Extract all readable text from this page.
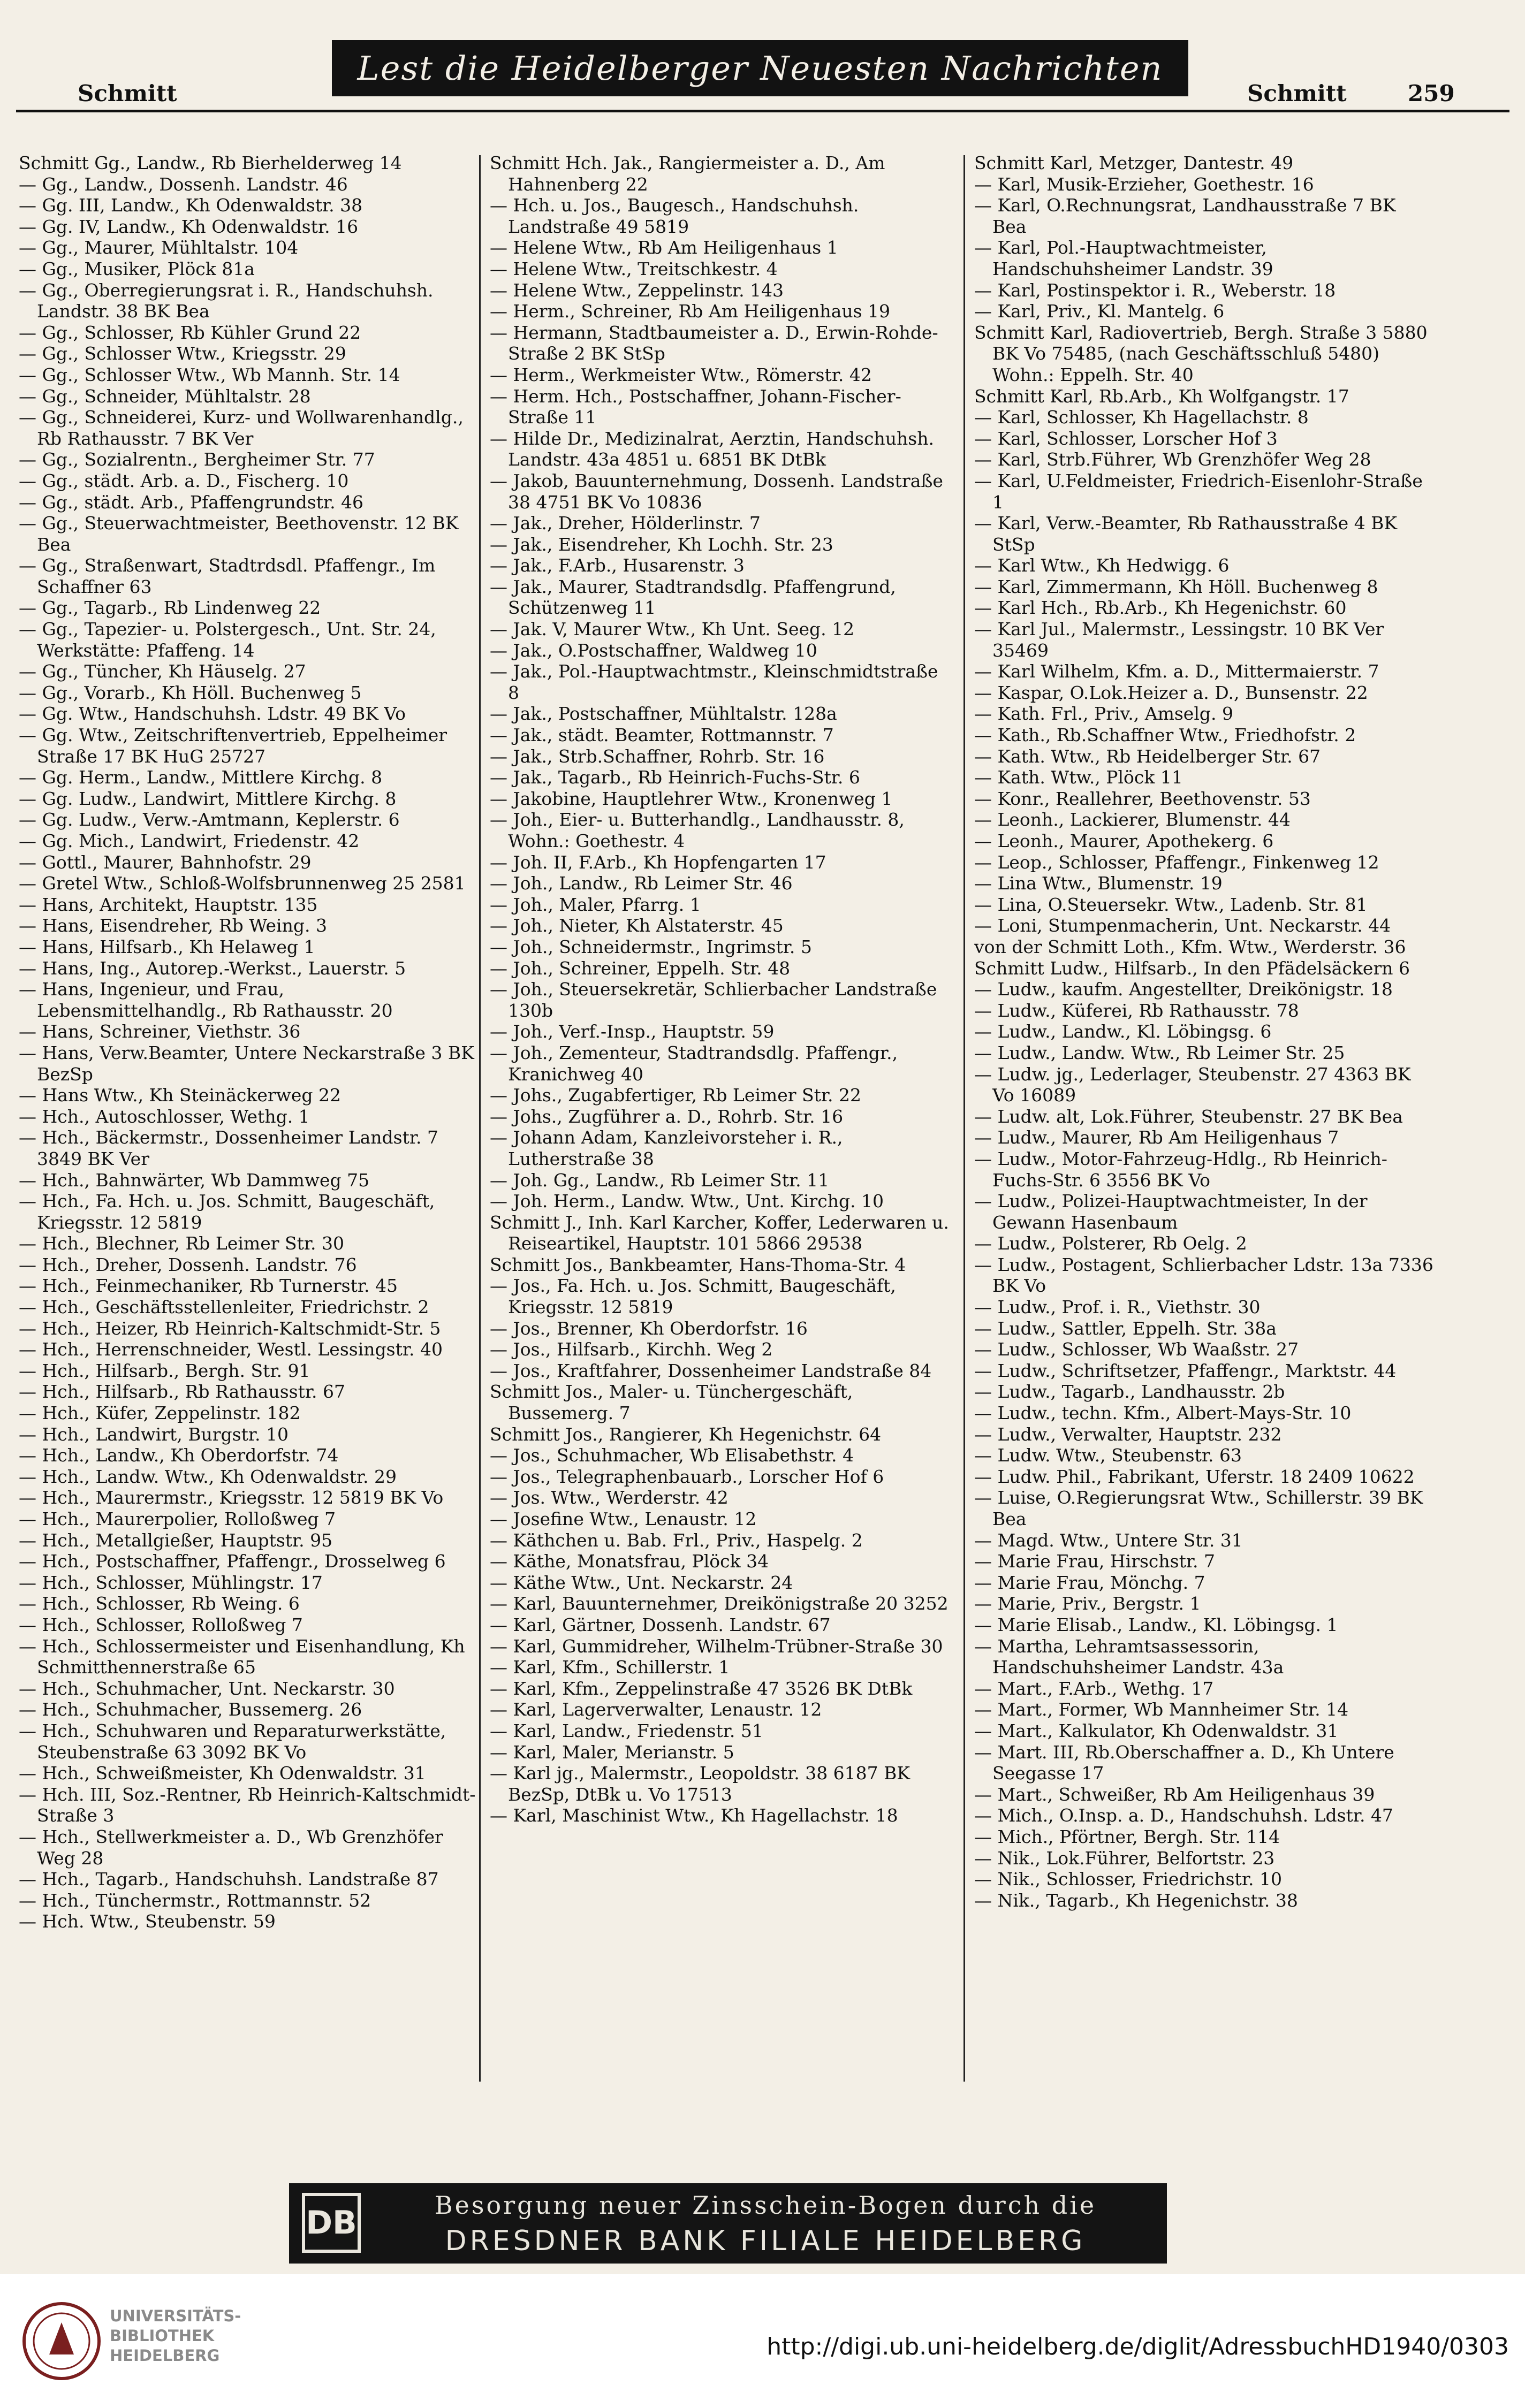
Lest die Heidelberger Neuesten Nachrichten
Schmitt	Schmitt	259

Schmitt Gg., Landw., Rb Bierhelderweg 14

— Gg., Landw., Dossenh. Landstr. 46

— Gg. III, Landw., Kh Odenwaldstr. 38

— Gg. IV, Landw., Kh Odenwaldstr. 16

— Gg., Maurer, Mühltalstr. 104

— Gg., Musiker, Plöck 81a

— Gg., Oberregierungsrat i. R., Handschuhsh. Landstr. 38 BK Bea

— Gg., Schlosser, Rb Kühler Grund 22

— Gg., Schlosser Wtw., Kriegsstr. 29

— Gg., Schlosser Wtw., Wb Mannh. Str. 14

— Gg., Schneider, Mühltalstr. 28

— Gg., Schneiderei, Kurz- und Wollwarenhandlg., Rb Rathausstr. 7 BK Ver

— Gg., Sozialrentn., Bergheimer Str. 77

— Gg., städt. Arb. a. D., Fischerg. 10

— Gg., städt. Arb., Pfaffengrundstr. 46

— Gg., Steuerwachtmeister, Beethovenstr. 12 BK Bea

— Gg., Straßenwart, Stadtrdsdl. Pfaffengr., Im Schaffner 63

— Gg., Tagarb., Rb Lindenweg 22

— Gg., Tapezier- u. Polstergesch., Unt. Str. 24, Werkstätte: Pfaffeng. 14

— Gg., Tüncher, Kh Häuselg. 27

— Gg., Vorarb., Kh Höll. Buchenweg 5

— Gg. Wtw., Handschuhsh. Ldstr. 49 BK Vo

— Gg. Wtw., Zeitschriftenvertrieb, Eppelheimer Straße 17 BK HuG 25727

— Gg. Herm., Landw., Mittlere Kirchg. 8

— Gg. Ludw., Landwirt, Mittlere Kirchg. 8

— Gg. Ludw., Verw.-Amtmann, Keplerstr. 6

— Gg. Mich., Landwirt, Friedenstr. 42

— Gottl., Maurer, Bahnhofstr. 29

— Gretel Wtw., Schloß-Wolfsbrunnenweg 25 2581

— Hans, Architekt, Hauptstr. 135

— Hans, Eisendreher, Rb Weing. 3

— Hans, Hilfsarb., Kh Helaweg 1

— Hans, Ing., Autorep.-Werkst., Lauerstr. 5

— Hans, Ingenieur, und Frau, Lebensmittelhandlg., Rb Rathausstr. 20

— Hans, Schreiner, Viethstr. 36

— Hans, Verw.Beamter, Untere Neckarstraße 3 BK BezSp

— Hans Wtw., Kh Steinäckerweg 22

— Hch., Autoschlosser, Wethg. 1

— Hch., Bäckermstr., Dossenheimer Landstr. 7 3849 BK Ver

— Hch., Bahnwärter, Wb Dammweg 75

— Hch., Fa. Hch. u. Jos. Schmitt, Baugeschäft, Kriegsstr. 12 5819

— Hch., Blechner, Rb Leimer Str. 30

— Hch., Dreher, Dossenh. Landstr. 76

— Hch., Feinmechaniker, Rb Turnerstr. 45

— Hch., Geschäftsstellenleiter, Friedrichstr. 2

— Hch., Heizer, Rb Heinrich-Kaltschmidt-Str. 5

— Hch., Herrenschneider, Westl. Lessingstr. 40

— Hch., Hilfsarb., Bergh. Str. 91

— Hch., Hilfsarb., Rb Rathausstr. 67

— Hch., Küfer, Zeppelinstr. 182

— Hch., Landwirt, Burgstr. 10

— Hch., Landw., Kh Oberdorfstr. 74

— Hch., Landw. Wtw., Kh Odenwaldstr. 29

— Hch., Maurermstr., Kriegsstr. 12 5819 BK Vo

— Hch., Maurerpolier, Rolloßweg 7

— Hch., Metallgießer, Hauptstr. 95

— Hch., Postschaffner, Pfaffengr., Drosselweg 6

— Hch., Schlosser, Mühlingstr. 17

— Hch., Schlosser, Rb Weing. 6

— Hch., Schlosser, Rolloßweg 7

— Hch., Schlossermeister und Eisenhandlung, Kh Schmitthennerstraße 65

— Hch., Schuhmacher, Unt. Neckarstr. 30

— Hch., Schuhmacher, Bussemerg. 26

— Hch., Schuhwaren und Reparaturwerkstätte, Steubenstraße 63 3092 BK Vo

— Hch., Schweißmeister, Kh Odenwaldstr. 31

— Hch. III, Soz.-Rentner, Rb Heinrich-Kaltschmidt-Straße 3

— Hch., Stellwerkmeister a. D., Wb Grenzhöfer Weg 28

— Hch., Tagarb., Handschuhsh. Landstraße 87

— Hch., Tünchermstr., Rottmannstr. 52

— Hch. Wtw., Steubenstr. 59

Schmitt Hch. Jak., Rangiermeister a. D., Am Hahnenberg 22

— Hch. u. Jos., Baugesch., Handschuhsh. Landstraße 49 5819

— Helene Wtw., Rb Am Heiligenhaus 1

— Helene Wtw., Treitschkestr. 4

— Helene Wtw., Zeppelinstr. 143

— Herm., Schreiner, Rb Am Heiligenhaus 19

— Hermann, Stadtbaumeister a. D., Erwin-Rohde-Straße 2 BK StSp

— Herm., Werkmeister Wtw., Römerstr. 42

— Herm. Hch., Postschaffner, Johann-Fischer-Straße 11

— Hilde Dr., Medizinalrat, Aerztin, Handschuhsh. Landstr. 43a 4851 u. 6851 BK DtBk

— Jakob, Bauunternehmung, Dossenh. Landstraße 38 4751 BK Vo 10836

— Jak., Dreher, Hölderlinstr. 7

— Jak., Eisendreher, Kh Lochh. Str. 23

— Jak., F.Arb., Husarenstr. 3

— Jak., Maurer, Stadtrandsdlg. Pfaffengrund, Schützenweg 11

— Jak. V, Maurer Wtw., Kh Unt. Seeg. 12

— Jak., O.Postschaffner, Waldweg 10

— Jak., Pol.-Hauptwachtmstr., Kleinschmidtstraße 8

— Jak., Postschaffner, Mühltalstr. 128a

— Jak., städt. Beamter, Rottmannstr. 7

— Jak., Strb.Schaffner, Rohrb. Str. 16

— Jak., Tagarb., Rb Heinrich-Fuchs-Str. 6

— Jakobine, Hauptlehrer Wtw., Kronenweg 1

— Joh., Eier- u. Butterhandlg., Landhausstr. 8, Wohn.: Goethestr. 4

— Joh. II, F.Arb., Kh Hopfengarten 17

— Joh., Landw., Rb Leimer Str. 46

— Joh., Maler, Pfarrg. 1

— Joh., Nieter, Kh Alstaterstr. 45

— Joh., Schneidermstr., Ingrimstr. 5

— Joh., Schreiner, Eppelh. Str. 48

— Joh., Steuersekretär, Schlierbacher Landstraße 130b

— Joh., Verf.-Insp., Hauptstr. 59

— Joh., Zementeur, Stadtrandsdlg. Pfaffengr., Kranichweg 40

— Johs., Zugabfertiger, Rb Leimer Str. 22

— Johs., Zugführer a. D., Rohrb. Str. 16

— Johann Adam, Kanzleivorsteher i. R., Lutherstraße 38

— Joh. Gg., Landw., Rb Leimer Str. 11

— Joh. Herm., Landw. Wtw., Unt. Kirchg. 10

Schmitt J., Inh. Karl Karcher, Koffer, Lederwaren u. Reiseartikel, Hauptstr. 101 5866 29538

Schmitt Jos., Bankbeamter, Hans-Thoma-Str. 4

— Jos., Fa. Hch. u. Jos. Schmitt, Baugeschäft, Kriegsstr. 12 5819

— Jos., Brenner, Kh Oberdorfstr. 16

— Jos., Hilfsarb., Kirchh. Weg 2

— Jos., Kraftfahrer, Dossenheimer Landstraße 84

Schmitt Jos., Maler- u. Tünchergeschäft, Bussemerg. 7

Schmitt Jos., Rangierer, Kh Hegenichstr. 64

— Jos., Schuhmacher, Wb Elisabethstr. 4

— Jos., Telegraphenbauarb., Lorscher Hof 6

— Jos. Wtw., Werderstr. 42

— Josefine Wtw., Lenaustr. 12

— Käthchen u. Bab. Frl., Priv., Haspelg. 2

— Käthe, Monatsfrau, Plöck 34

— Käthe Wtw., Unt. Neckarstr. 24

— Karl, Bauunternehmer, Dreikönigstraße 20 3252

— Karl, Gärtner, Dossenh. Landstr. 67

— Karl, Gummidreher, Wilhelm-Trübner-Straße 30

— Karl, Kfm., Schillerstr. 1

— Karl, Kfm., Zeppelinstraße 47 3526 BK DtBk

— Karl, Lagerverwalter, Lenaustr. 12

— Karl, Landw., Friedenstr. 51

— Karl, Maler, Merianstr. 5

— Karl jg., Malermstr., Leopoldstr. 38 6187 BK BezSp, DtBk u. Vo 17513

— Karl, Maschinist Wtw., Kh Hagellachstr. 18

Schmitt Karl, Metzger, Dantestr. 49

— Karl, Musik-Erzieher, Goethestr. 16

— Karl, O.Rechnungsrat, Landhausstraße 7 BK Bea

— Karl, Pol.-Hauptwachtmeister, Handschuhsheimer Landstr. 39

— Karl, Postinspektor i. R., Weberstr. 18

— Karl, Priv., Kl. Mantelg. 6

Schmitt Karl, Radiovertrieb, Bergh. Straße 3 5880 BK Vo 75485, (nach Geschäftsschluß 5480) Wohn.: Eppelh. Str. 40

Schmitt Karl, Rb.Arb., Kh Wolfgangstr. 17

— Karl, Schlosser, Kh Hagellachstr. 8

— Karl, Schlosser, Lorscher Hof 3

— Karl, Strb.Führer, Wb Grenzhöfer Weg 28

— Karl, U.Feldmeister, Friedrich-Eisenlohr-Straße 1

— Karl, Verw.-Beamter, Rb Rathausstraße 4 BK StSp

— Karl Wtw., Kh Hedwigg. 6

— Karl, Zimmermann, Kh Höll. Buchenweg 8

— Karl Hch., Rb.Arb., Kh Hegenichstr. 60

— Karl Jul., Malermstr., Lessingstr. 10 BK Ver 35469

— Karl Wilhelm, Kfm. a. D., Mittermaierstr. 7

— Kaspar, O.Lok.Heizer a. D., Bunsenstr. 22

— Kath. Frl., Priv., Amselg. 9

— Kath., Rb.Schaffner Wtw., Friedhofstr. 2

— Kath. Wtw., Rb Heidelberger Str. 67

— Kath. Wtw., Plöck 11

— Konr., Reallehrer, Beethovenstr. 53

— Leonh., Lackierer, Blumenstr. 44

— Leonh., Maurer, Apothekerg. 6

— Leop., Schlosser, Pfaffengr., Finkenweg 12

— Lina Wtw., Blumenstr. 19

— Lina, O.Steuersekr. Wtw., Ladenb. Str. 81

— Loni, Stumpenmacherin, Unt. Neckarstr. 44

von der Schmitt Loth., Kfm. Wtw., Werderstr. 36

Schmitt Ludw., Hilfsarb., In den Pfädelsäckern 6

— Ludw., kaufm. Angestellter, Dreikönigstr. 18

— Ludw., Küferei, Rb Rathausstr. 78

— Ludw., Landw., Kl. Löbingsg. 6

— Ludw., Landw. Wtw., Rb Leimer Str. 25

— Ludw. jg., Lederlager, Steubenstr. 27 4363 BK Vo 16089

— Ludw. alt, Lok.Führer, Steubenstr. 27 BK Bea

— Ludw., Maurer, Rb Am Heiligenhaus 7

— Ludw., Motor-Fahrzeug-Hdlg., Rb Heinrich-Fuchs-Str. 6 3556 BK Vo

— Ludw., Polizei-Hauptwachtmeister, In der Gewann Hasenbaum

— Ludw., Polsterer, Rb Oelg. 2

— Ludw., Postagent, Schlierbacher Ldstr. 13a 7336 BK Vo

— Ludw., Prof. i. R., Viethstr. 30

— Ludw., Sattler, Eppelh. Str. 38a

— Ludw., Schlosser, Wb Waaßstr. 27

— Ludw., Schriftsetzer, Pfaffengr., Marktstr. 44

— Ludw., Tagarb., Landhausstr. 2b

— Ludw., techn. Kfm., Albert-Mays-Str. 10

— Ludw., Verwalter, Hauptstr. 232

— Ludw. Wtw., Steubenstr. 63

— Ludw. Phil., Fabrikant, Uferstr. 18 2409 10622

— Luise, O.Regierungsrat Wtw., Schillerstr. 39 BK Bea

— Magd. Wtw., Untere Str. 31

— Marie Frau, Hirschstr. 7

— Marie Frau, Mönchg. 7

— Marie, Priv., Bergstr. 1

— Marie Elisab., Landw., Kl. Löbingsg. 1

— Martha, Lehramtsassessorin, Handschuhsheimer Landstr. 43a

— Mart., F.Arb., Wethg. 17

— Mart., Former, Wb Mannheimer Str. 14

— Mart., Kalkulator, Kh Odenwaldstr. 31

— Mart. III, Rb.Oberschaffner a. D., Kh Untere Seegasse 17

— Mart., Schweißer, Rb Am Heiligenhaus 39

— Mich., O.Insp. a. D., Handschuhsh. Ldstr. 47

— Mich., Pförtner, Bergh. Str. 114

— Nik., Lok.Führer, Belfortstr. 23

— Nik., Schlosser, Friedrichstr. 10

— Nik., Tagarb., Kh Hegenichstr. 38

DB	Besorgung neuer Zinsschein-Bogen durch die
DRESDNER BANK FILIALE HEIDELBERG
UNIVERSITÄTS-
BIBLIOTHEK
HEIDELBERG	http://digi.ub.uni-heidelberg.de/diglit/AdressbuchHD1940/0303
